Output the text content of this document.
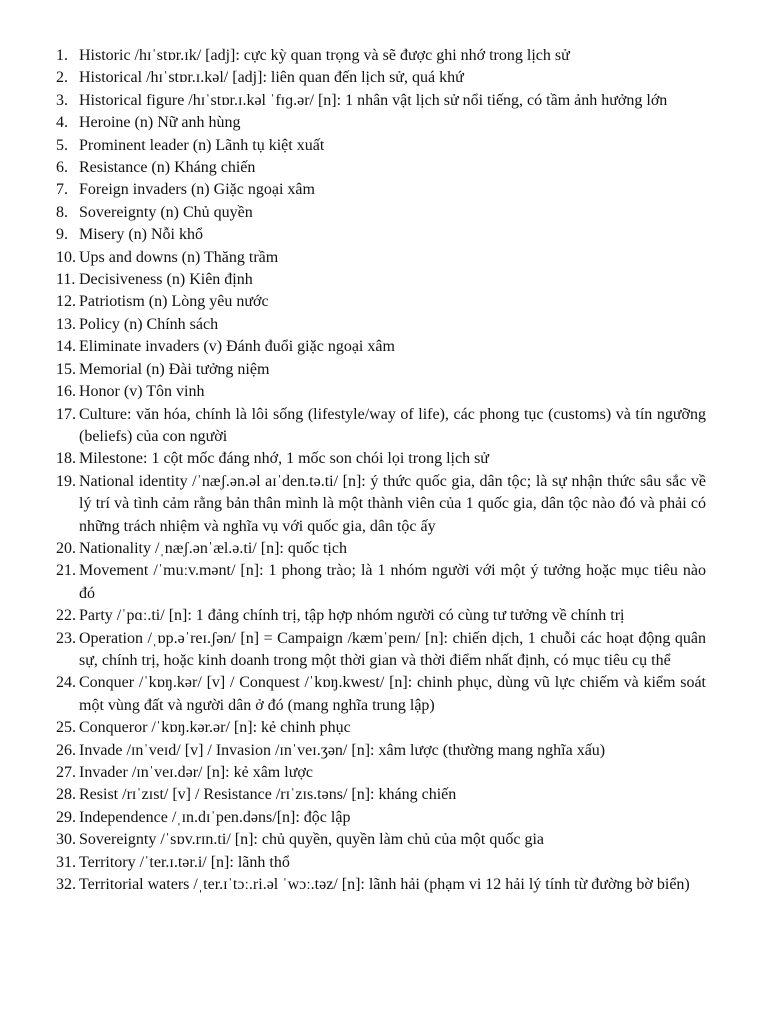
1. Historic /hɪˈstɒr.ɪk/ [adj]: cực kỳ quan trọng và sẽ được ghi nhớ trong lịch sử
2. Historical /hɪˈstɒr.ɪ.kəl/ [adj]: liên quan đến lịch sử, quá khứ
3. Historical figure /hɪˈstɒr.ɪ.kəl ˈfɪɡ.ər/ [n]: 1 nhân vật lịch sử nổi tiếng, có tầm ảnh hưởng lớn
4. Heroine (n) Nữ anh hùng
5. Prominent leader (n) Lãnh tụ kiệt xuất
6. Resistance (n) Kháng chiến
7. Foreign invaders (n) Giặc ngoại xâm
8. Sovereignty (n) Chủ quyền
9. Misery (n) Nỗi khổ
10. Ups and downs (n) Thăng trầm
11. Decisiveness (n) Kiên định
12. Patriotism (n) Lòng yêu nước
13. Policy (n) Chính sách
14. Eliminate invaders (v) Đánh đuổi giặc ngoại xâm
15. Memorial (n) Đài tưởng niệm
16. Honor (v) Tôn vinh
17. Culture: văn hóa, chính là lôi sống (lifestyle/way of life), các phong tục (customs) và tín ngưỡng (beliefs) của con người
18. Milestone: 1 cột mốc đáng nhớ, 1 mốc son chói lọi trong lịch sử
19. National identity /ˈnæʃ.ən.əl aɪˈden.tə.ti/ [n]: ý thức quốc gia, dân tộc; là sự nhận thức sâu sắc về lý trí và tình cảm rằng bản thân mình là một thành viên của 1 quốc gia, dân tộc nào đó và phải có những trách nhiệm và nghĩa vụ với quốc gia, dân tộc ấy
20. Nationality /ˌnæʃ.ənˈæl.ə.ti/ [n]: quốc tịch
21. Movement /ˈmuːv.mənt/ [n]: 1 phong trào; là 1 nhóm người với một ý tưởng hoặc mục tiêu nào đó
22. Party /ˈpɑː.ti/ [n]: 1 đảng chính trị, tập hợp nhóm người có cùng tư tưởng về chính trị
23. Operation /ˌɒp.əˈreɪ.ʃən/ [n] = Campaign /kæmˈpeɪn/ [n]: chiến dịch, 1 chuỗi các hoạt động quân sự, chính trị, hoặc kinh doanh trong một thời gian và thời điểm nhất định, có mục tiêu cụ thể
24. Conquer /ˈkɒŋ.kər/ [v] / Conquest /ˈkɒŋ.kwest/ [n]: chinh phục, dùng vũ lực chiếm và kiểm soát một vùng đất và người dân ở đó (mang nghĩa trung lập)
25. Conqueror /ˈkɒŋ.kər.ər/ [n]: kẻ chinh phục
26. Invade /ɪnˈveɪd/ [v] / Invasion /ɪnˈveɪ.ʒən/ [n]: xâm lược (thường mang nghĩa xấu)
27. Invader /ɪnˈveɪ.dər/ [n]: kẻ xâm lược
28. Resist /rɪˈzɪst/ [v] / Resistance /rɪˈzɪs.təns/ [n]: kháng chiến
29. Independence /ˌɪn.dɪˈpen.dəns/[n]: độc lập
30. Sovereignty /ˈsɒv.rɪn.ti/ [n]: chủ quyền, quyền làm chủ của một quốc gia
31. Territory /ˈter.ɪ.tər.i/ [n]: lãnh thổ
32. Territorial waters /ˌter.ɪˈtɔː.ri.əl ˈwɔː.təz/ [n]: lãnh hải (phạm vi 12 hải lý tính từ đường bờ biển)
